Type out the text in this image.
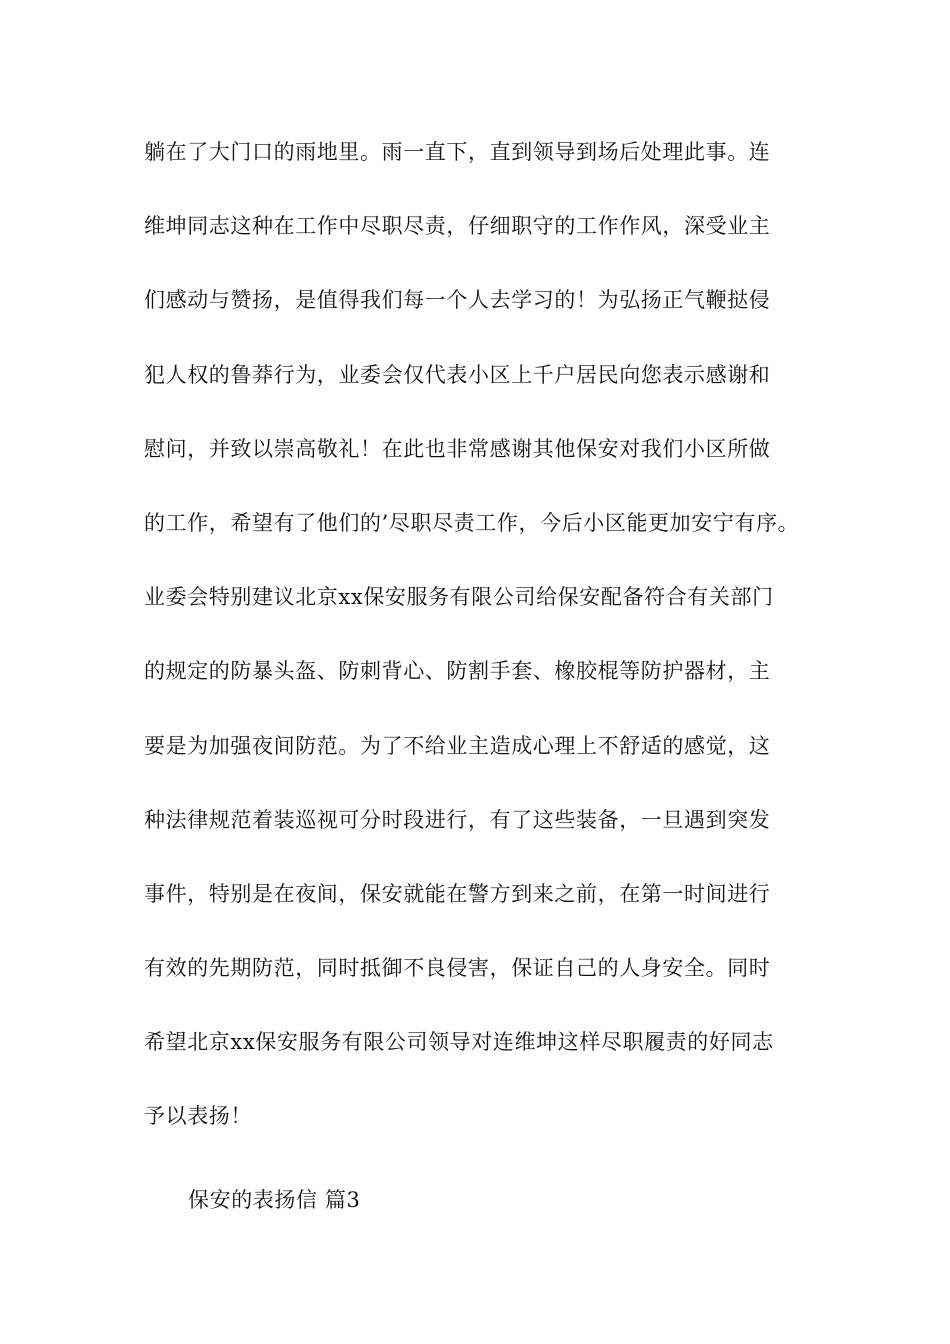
躺在了大门口的雨地里。雨一直下，直到领导到场后处理此事。连
维坤同志这种在工作中尽职尽责，仔细职守的工作作风，深受业主
们感动与赞扬，是值得我们每一个人去学习的！为弘扬正气鞭挞侵
犯人权的鲁莽行为，业委会仅代表小区上千户居民向您表示感谢和
慰问，并致以崇高敬礼！在此也非常感谢其他保安对我们小区所做
的工作，希望有了他们的’尽职尽责工作，今后小区能更加安宁有序。
业委会特别建议北京xx保安服务有限公司给保安配备符合有关部门
的规定的防暴头盔、防刺背心、防割手套、橡胶棍等防护器材，主
要是为加强夜间防范。为了不给业主造成心理上不舒适的感觉，这
种法律规范着装巡视可分时段进行，有了这些装备，一旦遇到突发
事件，特别是在夜间，保安就能在警方到来之前，在第一时间进行
有效的先期防范，同时抵御不良侵害，保证自己的人身安全。同时
希望北京xx保安服务有限公司领导对连维坤这样尽职履责的好同志
予以表扬！
保安的表扬信 篇3
